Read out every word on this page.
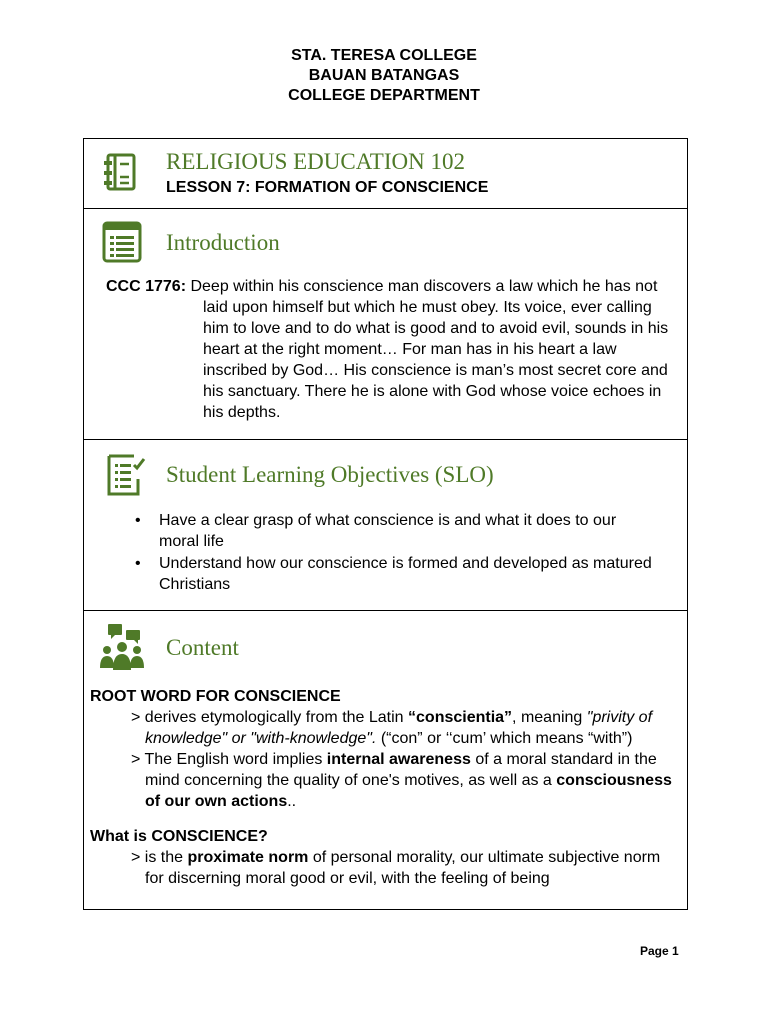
STA. TERESA COLLEGE
BAUAN BATANGAS
COLLEGE DEPARTMENT
RELIGIOUS EDUCATION 102
LESSON 7: FORMATION OF CONSCIENCE
Introduction
CCC 1776: Deep within his conscience man discovers a law which he has not laid upon himself but which he must obey. Its voice, ever calling him to love and to do what is good and to avoid evil, sounds in his heart at the right moment… For man has in his heart a law inscribed by God… His conscience is man’s most secret core and his sanctuary. There he is alone with God whose voice echoes in his depths.
Student Learning Objectives (SLO)
• Have a clear grasp of what conscience is and what it does to our moral life
• Understand how our conscience is formed and developed as matured Christians
Content
ROOT WORD FOR CONSCIENCE
> derives etymologically from the Latin “conscientia”, meaning "privity of knowledge" or "with-knowledge". (“con” or ‘‘cum’ which means “with”)
> The English word implies internal awareness of a moral standard in the mind concerning the quality of one's motives, as well as a consciousness of our own actions..
What is CONSCIENCE?
> is the proximate norm of personal morality, our ultimate subjective norm for discerning moral good or evil, with the feeling of being
Page 1
